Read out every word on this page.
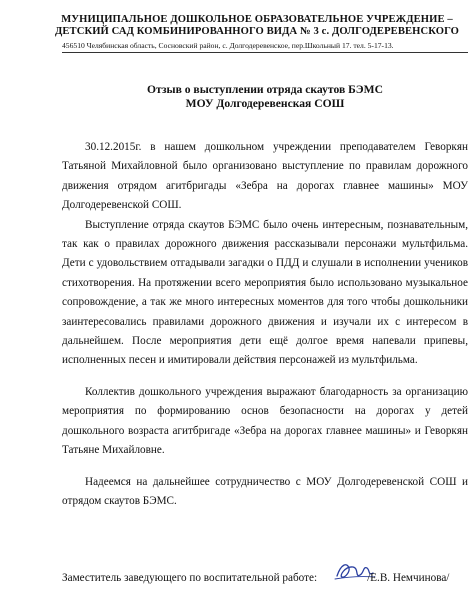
МУНИЦИПАЛЬНОЕ ДОШКОЛЬНОЕ ОБРАЗОВАТЕЛЬНОЕ УЧРЕЖДЕНИЕ –
ДЕТСКИЙ САД КОМБИНИРОВАННОГО ВИДА № 3 с. ДОЛГОДЕРЕВЕНСКОГО
456510 Челябинская область, Сосновский район, с. Долгодеревенское, пер.Школьный 17. тел. 5-17-13.
Отзыв о выступлении отряда скаутов БЭМС
МОУ Долгодеревенская СОШ

30.12.2015г. в нашем дошкольном учреждении преподавателем Геворкян Татьяной Михайловной было организовано выступление по правилам дорожного движения отрядом агитбригады «Зебра на дорогах главнее машины» МОУ Долгодеревенской СОШ.

Выступление отряда скаутов БЭМС было очень интересным, познавательным, так как о правилах дорожного движения рассказывали персонажи мультфильма. Дети с удовольствием отгадывали загадки о ПДД и слушали в исполнении учеников стихотворения. На протяжении всего мероприятия было использовано музыкальное сопровождение, а так же много интересных моментов для того чтобы дошкольники заинтересовались правилами дорожного движения и изучали их с интересом в дальнейшем. После мероприятия дети ещё долгое время напевали припевы, исполненных песен и имитировали действия персонажей из мультфильма.

Коллектив дошкольного учреждения выражают благодарность за организацию мероприятия по формированию основ безопасности на дорогах у детей дошкольного возраста агитбригаде «Зебра на дорогах главнее машины» и Геворкян Татьяне Михайловне.

Надеемся на дальнейшее сотрудничество с МОУ Долгодеревенской СОШ и отрядом скаутов БЭМС.

Заместитель заведующего по воспитательной работе:	/Е.В. Немчинова/
